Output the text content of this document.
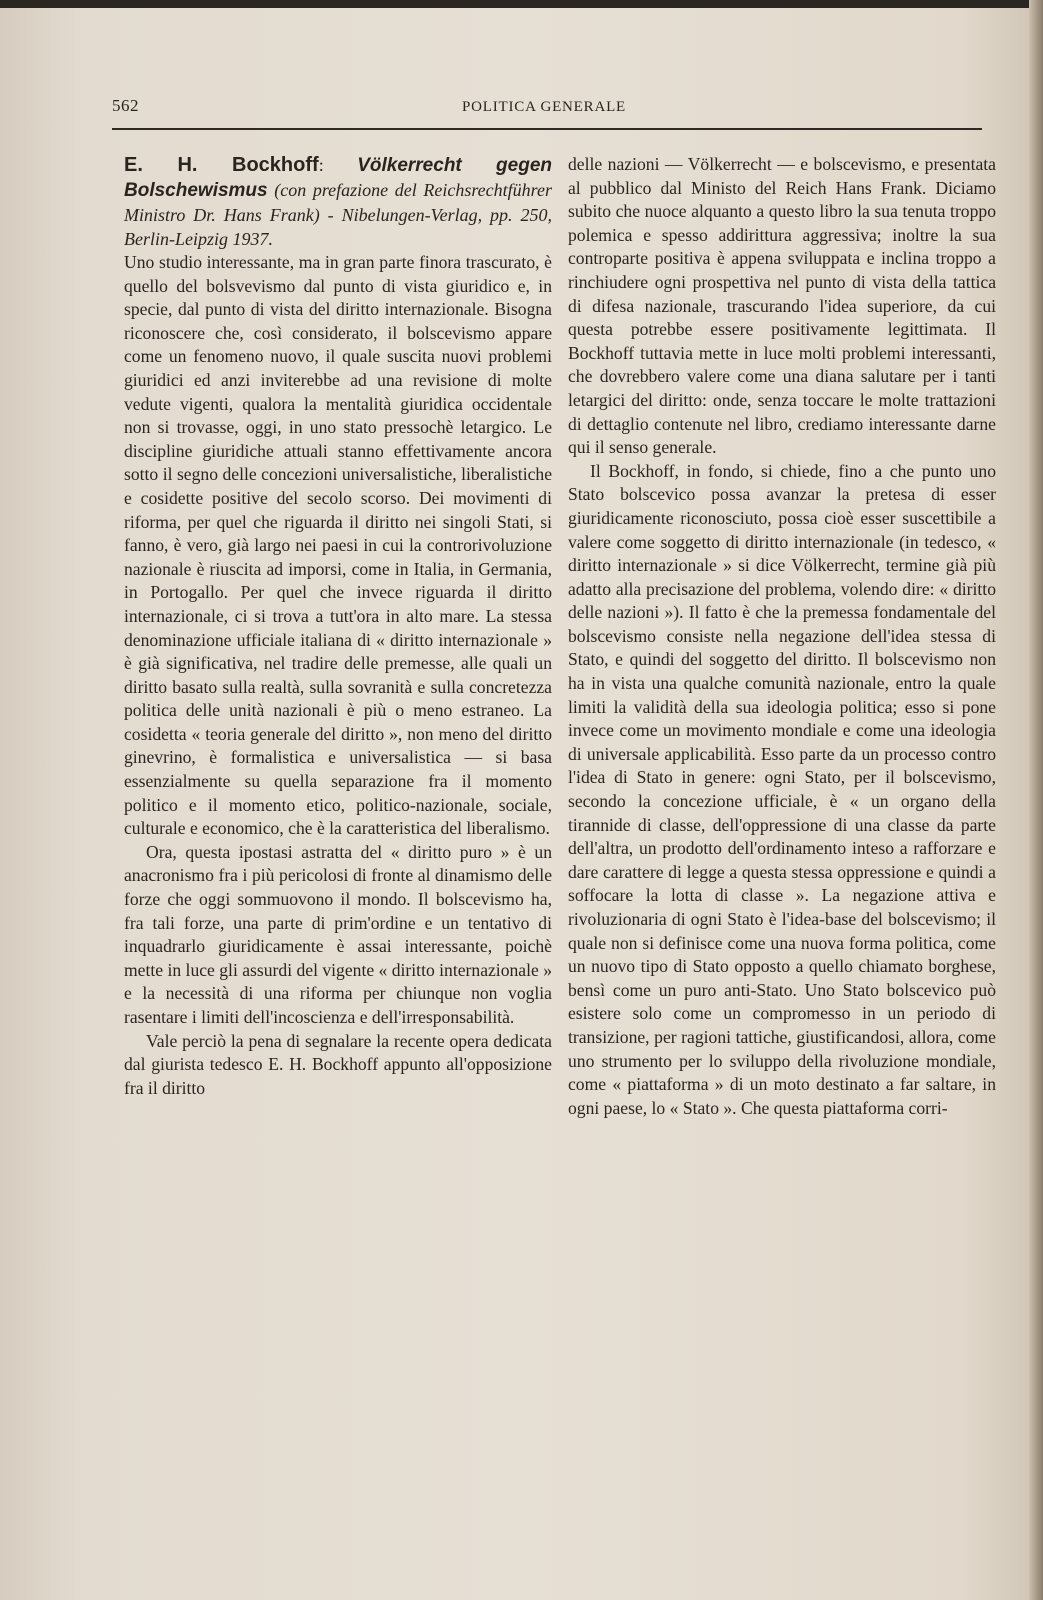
562	POLITICA GENERALE

E. H. Bockhoff: Völkerrecht gegen Bolschewismus (con prefazione del Reichsrechtführer Ministro Dr. Hans Frank) - Nibelungen-Verlag, pp. 250, Berlin-Leipzig 1937.

Uno studio interessante, ma in gran parte finora trascurato, è quello del bolsvevismo dal punto di vista giuridico e, in specie, dal punto di vista del diritto internazionale. Bisogna riconoscere che, così considerato, il bolscevismo appare come un fenomeno nuovo, il quale suscita nuovi problemi giuridici ed anzi inviterebbe ad una revisione di molte vedute vigenti, qualora la mentalità giuridica occidentale non si trovasse, oggi, in uno stato pressochè letargico. Le discipline giuridiche attuali stanno effettivamente ancora sotto il segno delle concezioni universalistiche, liberalistiche e cosidette positive del secolo scorso. Dei movimenti di riforma, per quel che riguarda il diritto nei singoli Stati, si fanno, è vero, già largo nei paesi in cui la controrivoluzione nazionale è riuscita ad imporsi, come in Italia, in Germania, in Portogallo. Per quel che invece riguarda il diritto internazionale, ci si trova a tutt'ora in alto mare. La stessa denominazione ufficiale italiana di « diritto internazionale » è già significativa, nel tradire delle premesse, alle quali un diritto basato sulla realtà, sulla sovranità e sulla concretezza politica delle unità nazionali è più o meno estraneo. La cosidetta « teoria generale del diritto », non meno del diritto ginevrino, è formalistica e universalistica — si basa essenzialmente su quella separazione fra il momento politico e il momento etico, politico-nazionale, sociale, culturale e economico, che è la caratteristica del liberalismo.

Ora, questa ipostasi astratta del « diritto puro » è un anacronismo fra i più pericolosi di fronte al dinamismo delle forze che oggi sommuovono il mondo. Il bolscevismo ha, fra tali forze, una parte di prim'ordine e un tentativo di inquadrarlo giuridicamente è assai interessante, poichè mette in luce gli assurdi del vigente « diritto internazionale » e la necessità di una riforma per chiunque non voglia rasentare i limiti dell'incoscienza e dell'irresponsabilità.

Vale perciò la pena di segnalare la recente opera dedicata dal giurista tedesco E. H. Bockhoff appunto all'opposizione fra il diritto

delle nazioni — Völkerrecht — e bolscevismo, e presentata al pubblico dal Ministo del Reich Hans Frank. Diciamo subito che nuoce alquanto a questo libro la sua tenuta troppo polemica e spesso addirittura aggressiva; inoltre la sua controparte positiva è appena sviluppata e inclina troppo a rinchiudere ogni prospettiva nel punto di vista della tattica di difesa nazionale, trascurando l'idea superiore, da cui questa potrebbe essere positivamente legittimata. Il Bockhoff tuttavia mette in luce molti problemi interessanti, che dovrebbero valere come una diana salutare per i tanti letargici del diritto: onde, senza toccare le molte trattazioni di dettaglio contenute nel libro, crediamo interessante darne qui il senso generale.

Il Bockhoff, in fondo, si chiede, fino a che punto uno Stato bolscevico possa avanzar la pretesa di esser giuridicamente riconosciuto, possa cioè esser suscettibile a valere come soggetto di diritto internazionale (in tedesco, « diritto internazionale » si dice Völkerrecht, termine già più adatto alla precisazione del problema, volendo dire: « diritto delle nazioni »). Il fatto è che la premessa fondamentale del bolscevismo consiste nella negazione dell'idea stessa di Stato, e quindi del soggetto del diritto. Il bolscevismo non ha in vista una qualche comunità nazionale, entro la quale limiti la validità della sua ideologia politica; esso si pone invece come un movimento mondiale e come una ideologia di universale applicabilità. Esso parte da un processo contro l'idea di Stato in genere: ogni Stato, per il bolscevismo, secondo la concezione ufficiale, è « un organo della tirannide di classe, dell'oppressione di una classe da parte dell'altra, un prodotto dell'ordinamento inteso a rafforzare e dare carattere di legge a questa stessa oppressione e quindi a soffocare la lotta di classe ». La negazione attiva e rivoluzionaria di ogni Stato è l'idea-base del bolscevismo; il quale non si definisce come una nuova forma politica, come un nuovo tipo di Stato opposto a quello chiamato borghese, bensì come un puro anti-Stato. Uno Stato bolscevico può esistere solo come un compromesso in un periodo di transizione, per ragioni tattiche, giustificandosi, allora, come uno strumento per lo sviluppo della rivoluzione mondiale, come « piattaforma » di un moto destinato a far saltare, in ogni paese, lo « Stato ». Che questa piattaforma corri-
